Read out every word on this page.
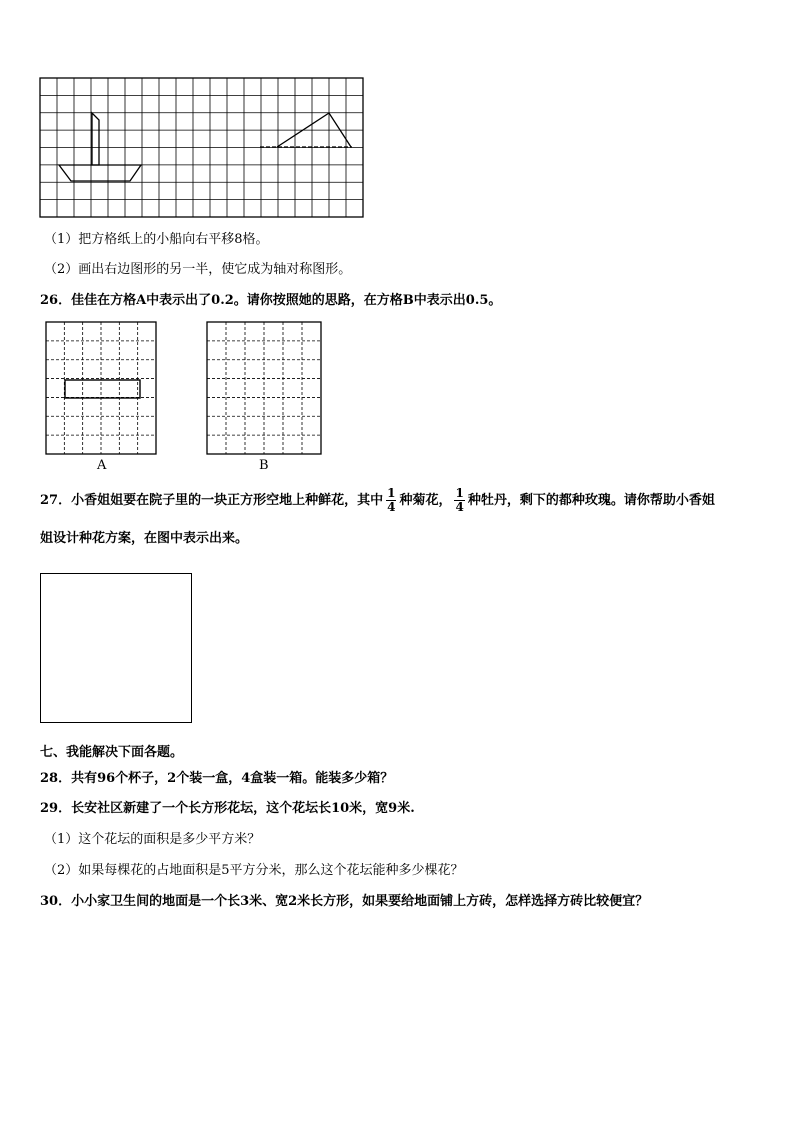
（1）把方格纸上的小船向右平移8格。
（2）画出右边图形的另一半，使它成为轴对称图形。
26．佳佳在方格A中表示出了0.2。请你按照她的思路，在方格B中表示出0.5。
A	B
27．小香姐姐要在院子里的一块正方形空地上种鲜花，其中 $\frac{1}{4}$ 种菊花， $\frac{1}{4}$ 种牡丹，剩下的都种玫瑰。请你帮助小香姐
姐设计种花方案，在图中表示出来。
七、我能解决下面各题。
28．共有96个杯子，2个装一盒，4盒装一箱。能装多少箱？
29．长安社区新建了一个长方形花坛，这个花坛长10米，宽9米.
（1）这个花坛的面积是多少平方米？
（2）如果每棵花的占地面积是5平方分米，那么这个花坛能种多少棵花？
30．小小家卫生间的地面是一个长3米、宽2米长方形，如果要给地面铺上方砖，怎样选择方砖比较便宜？
